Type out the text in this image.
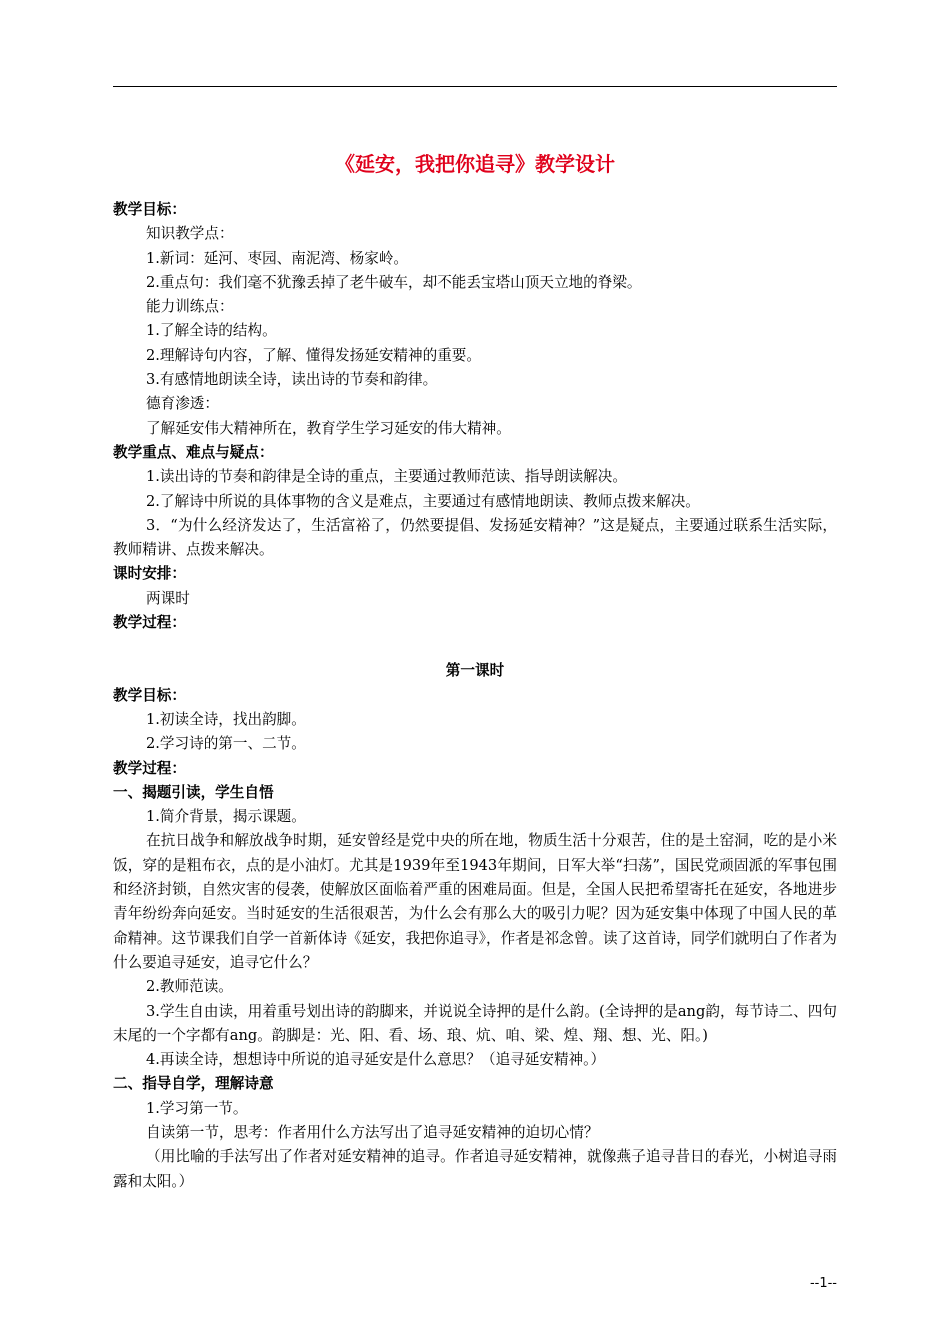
《延安，我把你追寻》教学设计

教学目标：

知识教学点：

1.新词：延河、枣园、南泥湾、杨家岭。

2.重点句：我们毫不犹豫丢掉了老牛破车，却不能丢宝塔山顶天立地的脊梁。

能力训练点：

1.了解全诗的结构。

2.理解诗句内容，了解、懂得发扬延安精神的重要。

3.有感情地朗读全诗，读出诗的节奏和韵律。

德育渗透：

了解延安伟大精神所在，教育学生学习延安的伟大精神。

教学重点、难点与疑点：

1.读出诗的节奏和韵律是全诗的重点，主要通过教师范读、指导朗读解决。

2.了解诗中所说的具体事物的含义是难点，主要通过有感情地朗读、教师点拨来解决。

3．“为什么经济发达了，生活富裕了，仍然要提倡、发扬延安精神？”这是疑点，主要通过联系生活实际，教师精讲、点拨来解决。

课时安排：

两课时

教学过程：

第一课时

教学目标：

1.初读全诗，找出韵脚。

2.学习诗的第一、二节。

教学过程：

一、揭题引读，学生自悟

1.简介背景，揭示课题。

在抗日战争和解放战争时期，延安曾经是党中央的所在地，物质生活十分艰苦，住的是土窑洞，吃的是小米饭，穿的是粗布衣，点的是小油灯。尤其是1939年至1943年期间，日军大举“扫荡”，国民党顽固派的军事包围和经济封锁，自然灾害的侵袭，使解放区面临着严重的困难局面。但是，全国人民把希望寄托在延安，各地进步青年纷纷奔向延安。当时延安的生活很艰苦，为什么会有那么大的吸引力呢？因为延安集中体现了中国人民的革命精神。这节课我们自学一首新体诗《延安，我把你追寻》，作者是祁念曾。读了这首诗，同学们就明白了作者为什么要追寻延安，追寻它什么？

2.教师范读。

3.学生自由读，用着重号划出诗的韵脚来，并说说全诗押的是什么韵。(全诗押的是ang韵，每节诗二、四句末尾的一个字都有ang。韵脚是：光、阳、看、场、琅、炕、咱、梁、煌、翔、想、光、阳。)

4.再读全诗，想想诗中所说的追寻延安是什么意思？（追寻延安精神。）

二、指导自学，理解诗意

1.学习第一节。

自读第一节，思考：作者用什么方法写出了追寻延安精神的迫切心情？

（用比喻的手法写出了作者对延安精神的追寻。作者追寻延安精神，就像燕子追寻昔日的春光，小树追寻雨露和太阳。）

--1--
